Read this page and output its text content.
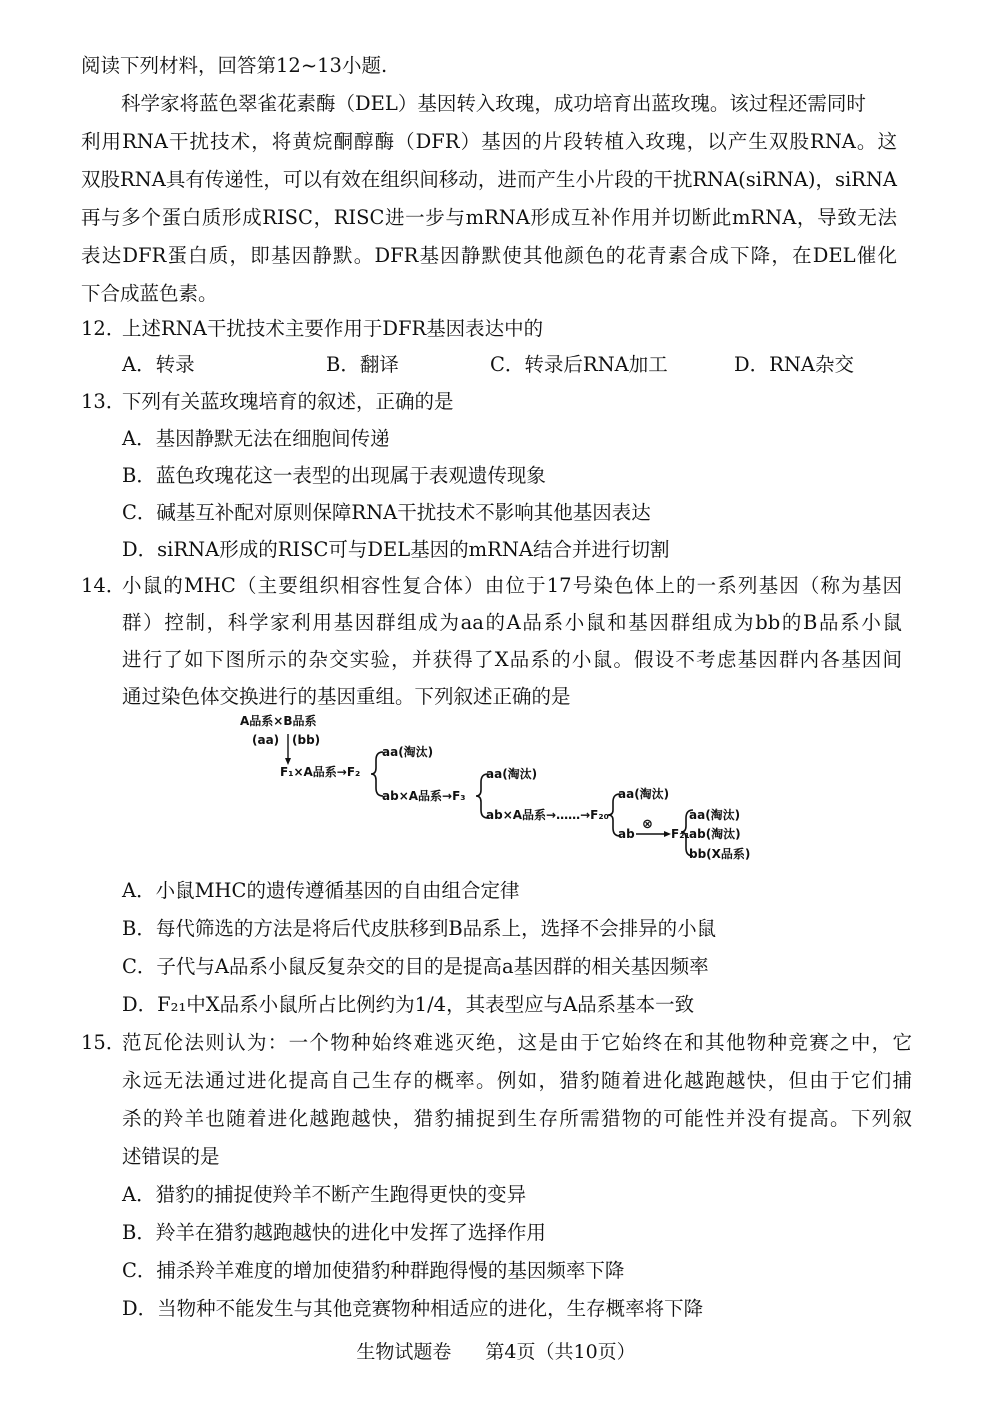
阅读下列材料，回答第12~13小题.
科学家将蓝色翠雀花素酶（DEL）基因转入玫瑰，成功培育出蓝玫瑰。该过程还需同时
利用RNA干扰技术，将黄烷酮醇酶（DFR）基因的片段转植入玫瑰，以产生双股RNA。这
双股RNA具有传递性，可以有效在组织间移动，进而产生小片段的干扰RNA(siRNA)，siRNA
再与多个蛋白质形成RISC，RISC进一步与mRNA形成互补作用并切断此mRNA，导致无法
表达DFR蛋白质，即基因静默。DFR基因静默使其他颜色的花青素合成下降，在DEL催化
下合成蓝色素。
12．
上述RNA干扰技术主要作用于DFR基因表达中的
A．转录	B．翻译	C．转录后RNA加工	D．RNA杂交
13．
下列有关蓝玫瑰培育的叙述，正确的是
A．基因静默无法在细胞间传递
B．蓝色玫瑰花这一表型的出现属于表观遗传现象
C．碱基互补配对原则保障RNA干扰技术不影响其他基因表达
D．siRNA形成的RISC可与DEL基因的mRNA结合并进行切割
14．
小鼠的MHC（主要组织相容性复合体）由位于17号染色体上的一系列基因（称为基因
群）控制，科学家利用基因群组成为aa的A品系小鼠和基因群组成为bb的B品系小鼠
进行了如下图所示的杂交实验，并获得了X品系的小鼠。假设不考虑基因群内各基因间
通过染色体交换进行的基因重组。下列叙述正确的是
A品系×B品系
(aa) (bb)
F₁×A品系→F₂
aa(淘汰)
ab×A品系→F₃
aa(淘汰)
ab×A品系→……→F₂₀
aa(淘汰)
ab
⊗
F₂₁
aa(淘汰)
ab(淘汰)
bb(X品系)
A．小鼠MHC的遗传遵循基因的自由组合定律
B．每代筛选的方法是将后代皮肤移到B品系上，选择不会排异的小鼠
C．子代与A品系小鼠反复杂交的目的是提高a基因群的相关基因频率
D．F₂₁中X品系小鼠所占比例约为1/4，其表型应与A品系基本一致
15．
范瓦伦法则认为：一个物种始终难逃灭绝，这是由于它始终在和其他物种竞赛之中，它
永远无法通过进化提高自己生存的概率。例如，猎豹随着进化越跑越快，但由于它们捕
杀的羚羊也随着进化越跑越快，猎豹捕捉到生存所需猎物的可能性并没有提高。下列叙
述错误的是
A．猎豹的捕捉使羚羊不断产生跑得更快的变异
B．羚羊在猎豹越跑越快的进化中发挥了选择作用
C．捕杀羚羊难度的增加使猎豹种群跑得慢的基因频率下降
D．当物种不能发生与其他竞赛物种相适应的进化，生存概率将下降
生物试题卷 第4页（共10页）
